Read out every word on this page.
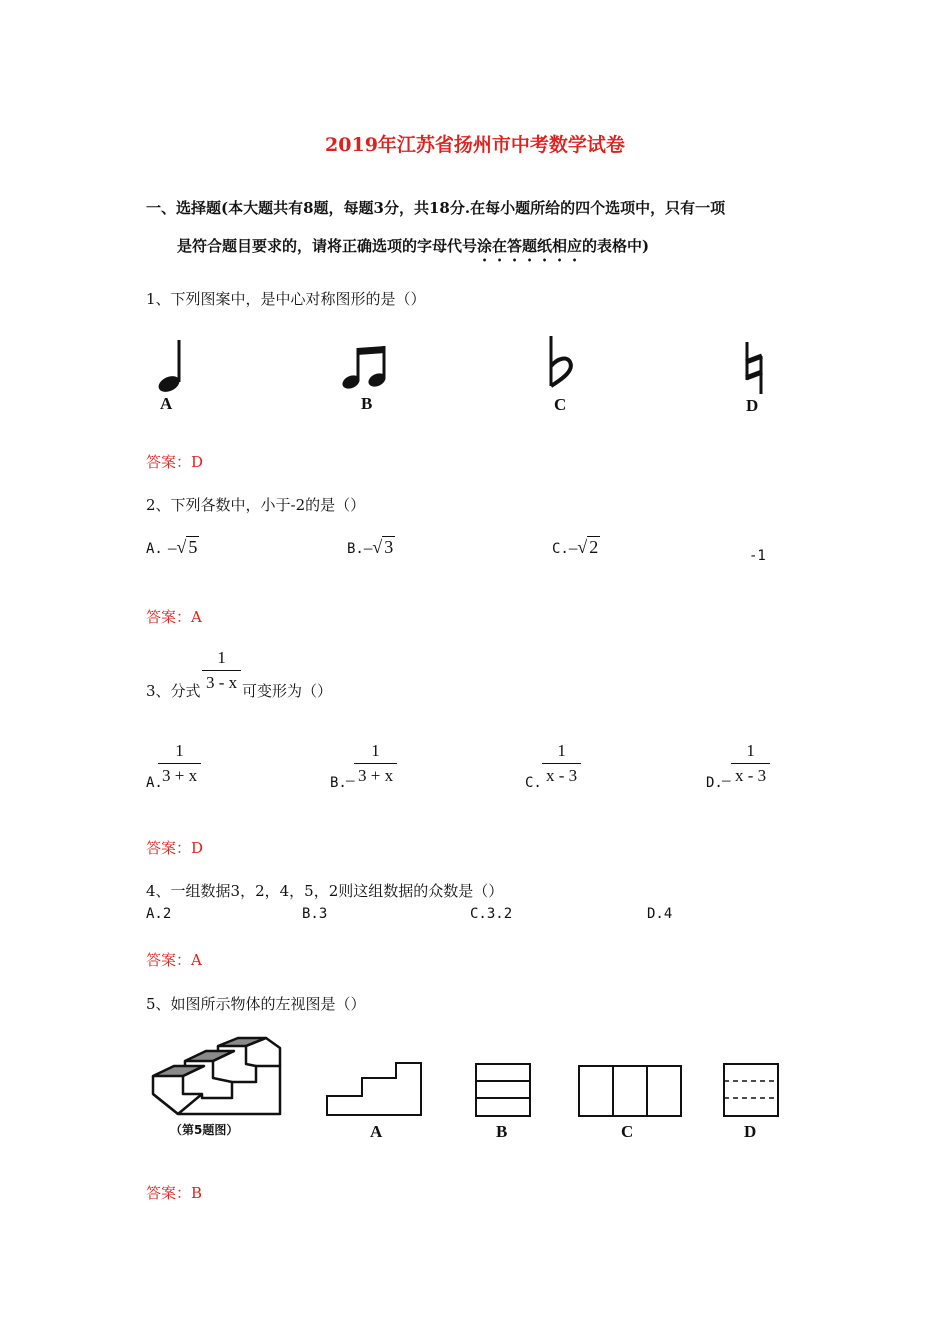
2019年江苏省扬州市中考数学试卷
一、选择题(本大题共有8题，每题3分，共18分.在每小题所给的四个选项中，只有一项
是符合题目要求的，请将正确选项的字母代号涂在答题纸相应的表格中)
1、下列图案中，是中心对称图形的是（）
A	B	C	D
答案：D
2、下列各数中，小于-2的是（）
A. –√ 5	B.–√ 3	C.–√ 2	-1
答案：A
3、分式 $\frac{1}{3 - x}$ 可变形为（）
A.
$\frac{1}{3 + x}$	B. – $\frac{1}{3 + x}$	C. $\frac{1}{x - 3}$	D. – $\frac{1}{x - 3}$
答案：D
4、一组数据3，2，4，5，2则这组数据的众数是（）
A.2	B.3	C.3.2	D.4
答案：A
5、如图所示物体的左视图是（）
（第5题图）	A	B	C	D
答案：B
